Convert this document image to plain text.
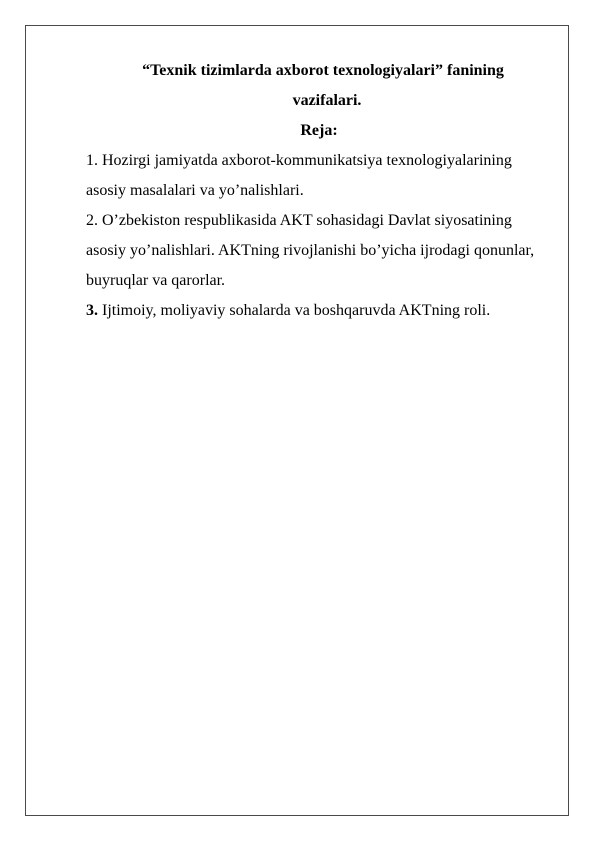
“Texnik tizimlarda axborot texnologiyalari” fanining
vazifalari.

Reja:

1. Hozirgi jamiyatda axborot-kommunikatsiya texnologiyalarining asosiy masalalari va yo’nalishlari.

2. O’zbekiston respublikasida AKT sohasidagi Davlat siyosatining asosiy yo’nalishlari. AKTning rivojlanishi bo’yicha ijrodagi qonunlar, buyruqlar va qarorlar.

3. Ijtimoiy, moliyaviy sohalarda va boshqaruvda AKTning roli.
